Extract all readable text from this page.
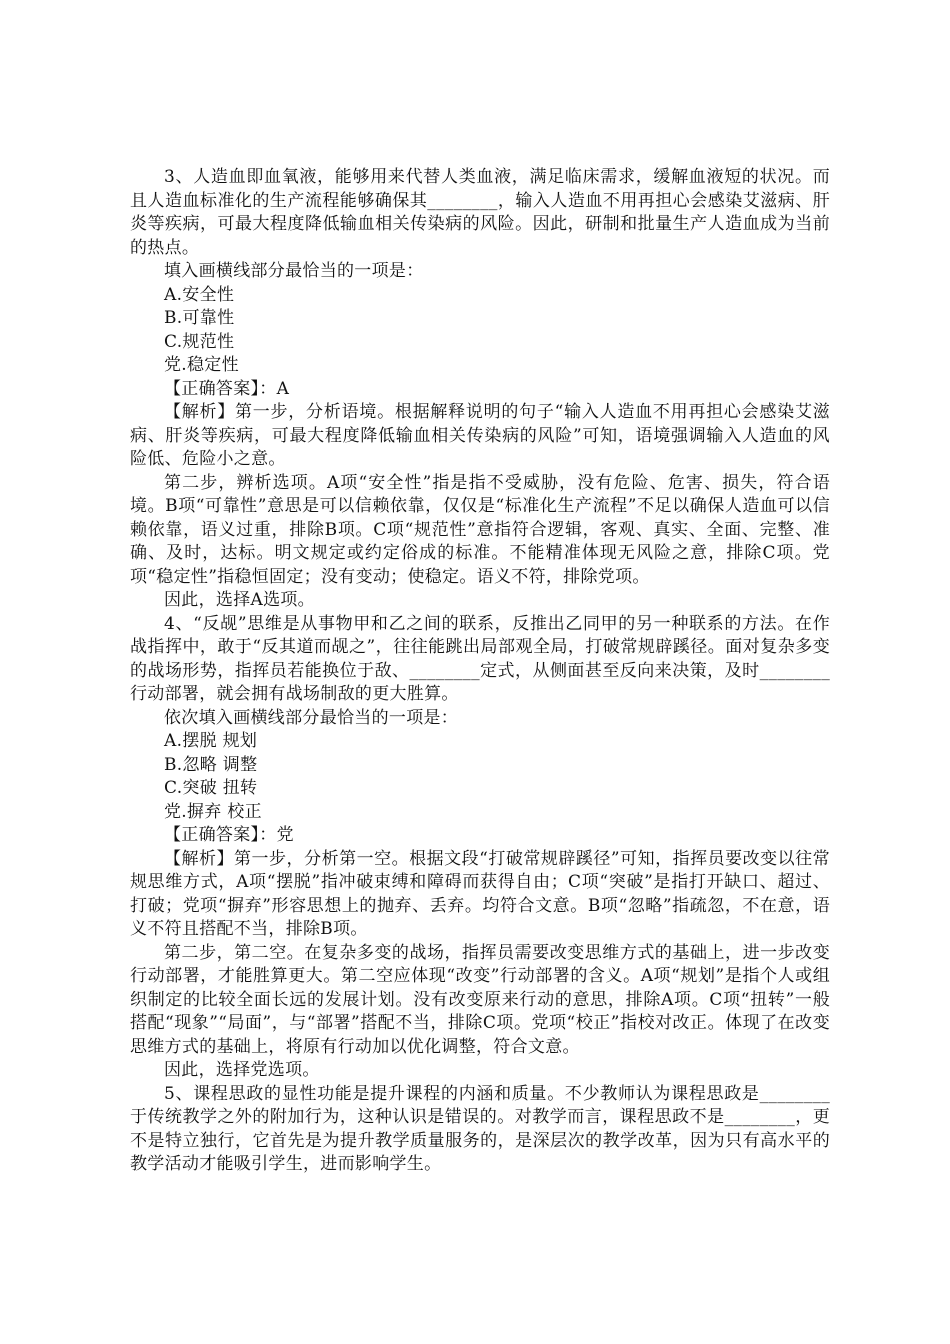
3、人造血即血氧液，能够用来代替人类血液，满足临床需求，缓解血液短的状况。而且人造血标准化的生产流程能够确保其________，输入人造血不用再担心会感染艾滋病、肝炎等疾病，可最大程度降低输血相关传染病的风险。因此，研制和批量生产人造血成为当前的热点。

填入画横线部分最恰当的一项是：

A.安全性

B.可靠性

C.规范性

党.稳定性

【正确答案】：A

【解析】第一步，分析语境。根据解释说明的句子“输入人造血不用再担心会感染艾滋病、肝炎等疾病，可最大程度降低输血相关传染病的风险”可知，语境强调输入人造血的风险低、危险小之意。

第二步，辨析选项。A项“安全性”指是指不受威胁，没有危险、危害、损失，符合语境。B项“可靠性”意思是可以信赖依靠，仅仅是“标准化生产流程”不足以确保人造血可以信赖依靠，语义过重，排除B项。C项“规范性”意指符合逻辑，客观、真实、全面、完整、准确、及时，达标。明文规定或约定俗成的标准。不能精准体现无风险之意，排除C项。党项“稳定性”指稳恒固定；没有变动；使稳定。语义不符，排除党项。

因此，选择A选项。

4、“反觇”思维是从事物甲和乙之间的联系，反推出乙同甲的另一种联系的方法。在作战指挥中，敢于“反其道而觇之”，往往能跳出局部观全局，打破常规辟蹊径。面对复杂多变的战场形势，指挥员若能换位于敌、________定式，从侧面甚至反向来决策，及时________行动部署，就会拥有战场制敌的更大胜算。

依次填入画横线部分最恰当的一项是：

A.摆脱 规划

B.忽略 调整

C.突破 扭转

党.摒弃 校正

【正确答案】：党

【解析】第一步，分析第一空。根据文段“打破常规辟蹊径”可知，指挥员要改变以往常规思维方式，A项“摆脱”指冲破束缚和障碍而获得自由；C项“突破”是指打开缺口、超过、打破；党项“摒弃”形容思想上的抛弃、丢弃。均符合文意。B项“忽略”指疏忽，不在意，语义不符且搭配不当，排除B项。

第二步，第二空。在复杂多变的战场，指挥员需要改变思维方式的基础上，进一步改变行动部署，才能胜算更大。第二空应体现“改变”行动部署的含义。A项“规划”是指个人或组织制定的比较全面长远的发展计划。没有改变原来行动的意思，排除A项。C项“扭转”一般搭配“现象”“局面”，与“部署”搭配不当，排除C项。党项“校正”指校对改正。体现了在改变思维方式的基础上，将原有行动加以优化调整，符合文意。

因此，选择党选项。

5、课程思政的显性功能是提升课程的内涵和质量。不少教师认为课程思政是________于传统教学之外的附加行为，这种认识是错误的。对教学而言，课程思政不是________，更不是特立独行，它首先是为提升教学质量服务的，是深层次的教学改革，因为只有高水平的教学活动才能吸引学生，进而影响学生。
